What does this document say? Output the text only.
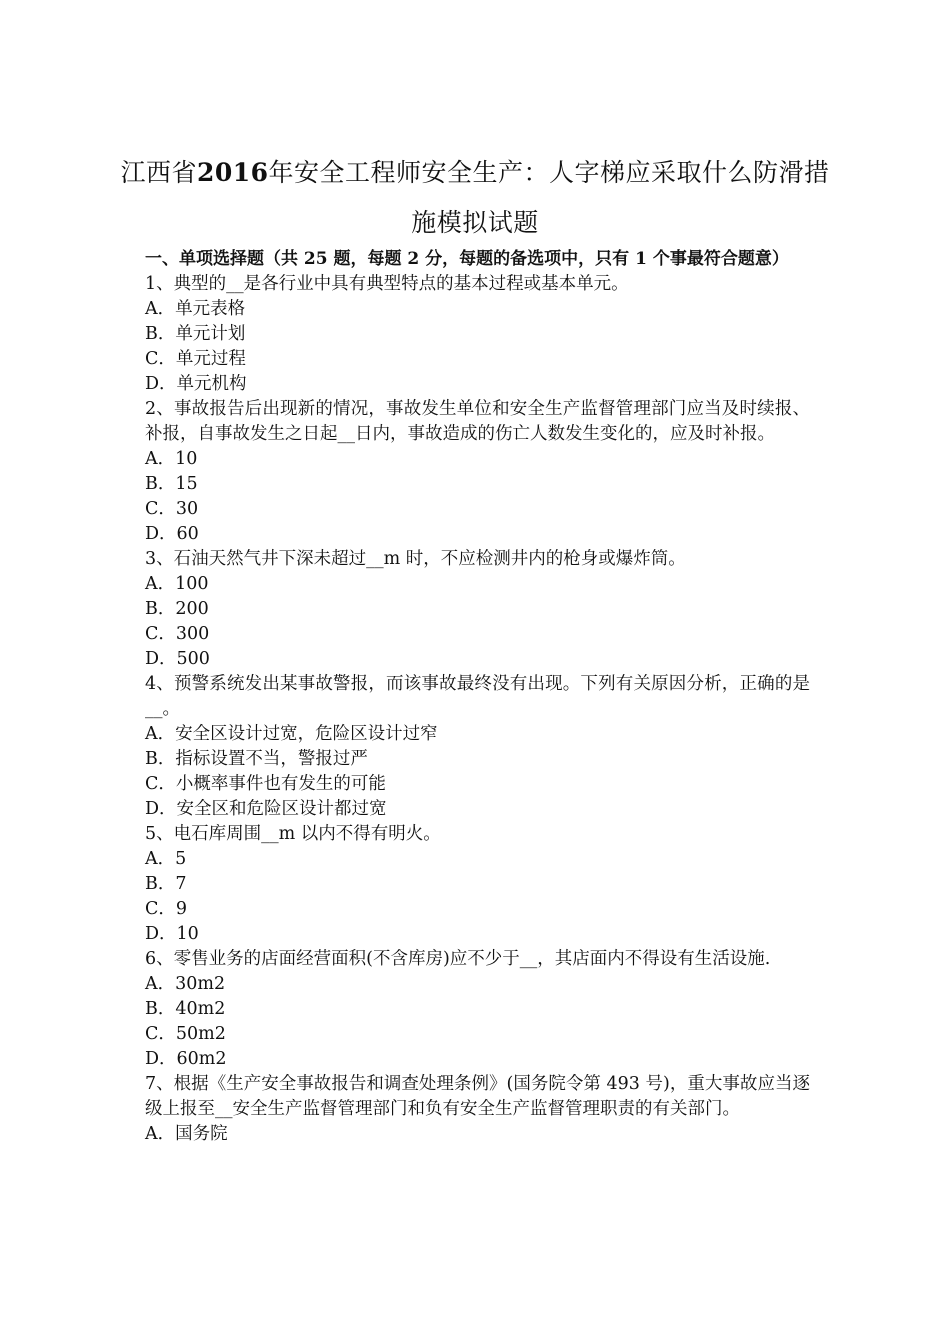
江西省2016年安全工程师安全生产：人字梯应采取什么防滑措施模拟试题
一、单项选择题（共 25 题，每题 2 分，每题的备选项中，只有 1 个事最符合题意）
1、典型的__是各行业中具有典型特点的基本过程或基本单元。
A．单元表格
B．单元计划
C．单元过程
D．单元机构
2、事故报告后出现新的情况，事故发生单位和安全生产监督管理部门应当及时续报、补报，自事故发生之日起__日内，事故造成的伤亡人数发生变化的，应及时补报。
A．10
B．15
C．30
D．60
3、石油天然气井下深未超过__m 时，不应检测井内的枪身或爆炸筒。
A．100
B．200
C．300
D．500
4、预警系统发出某事故警报，而该事故最终没有出现。下列有关原因分析，正确的是__。
A．安全区设计过宽，危险区设计过窄
B．指标设置不当，警报过严
C．小概率事件也有发生的可能
D．安全区和危险区设计都过宽
5、电石库周围__m 以内不得有明火。
A．5
B．7
C．9
D．10
6、零售业务的店面经营面积(不含库房)应不少于__，其店面内不得设有生活设施.
A．30m2
B．40m2
C．50m2
D．60m2
7、根据《生产安全事故报告和调查处理条例》(国务院令第 493 号)，重大事故应当逐级上报至__安全生产监督管理部门和负有安全生产监督管理职责的有关部门。
A．国务院
